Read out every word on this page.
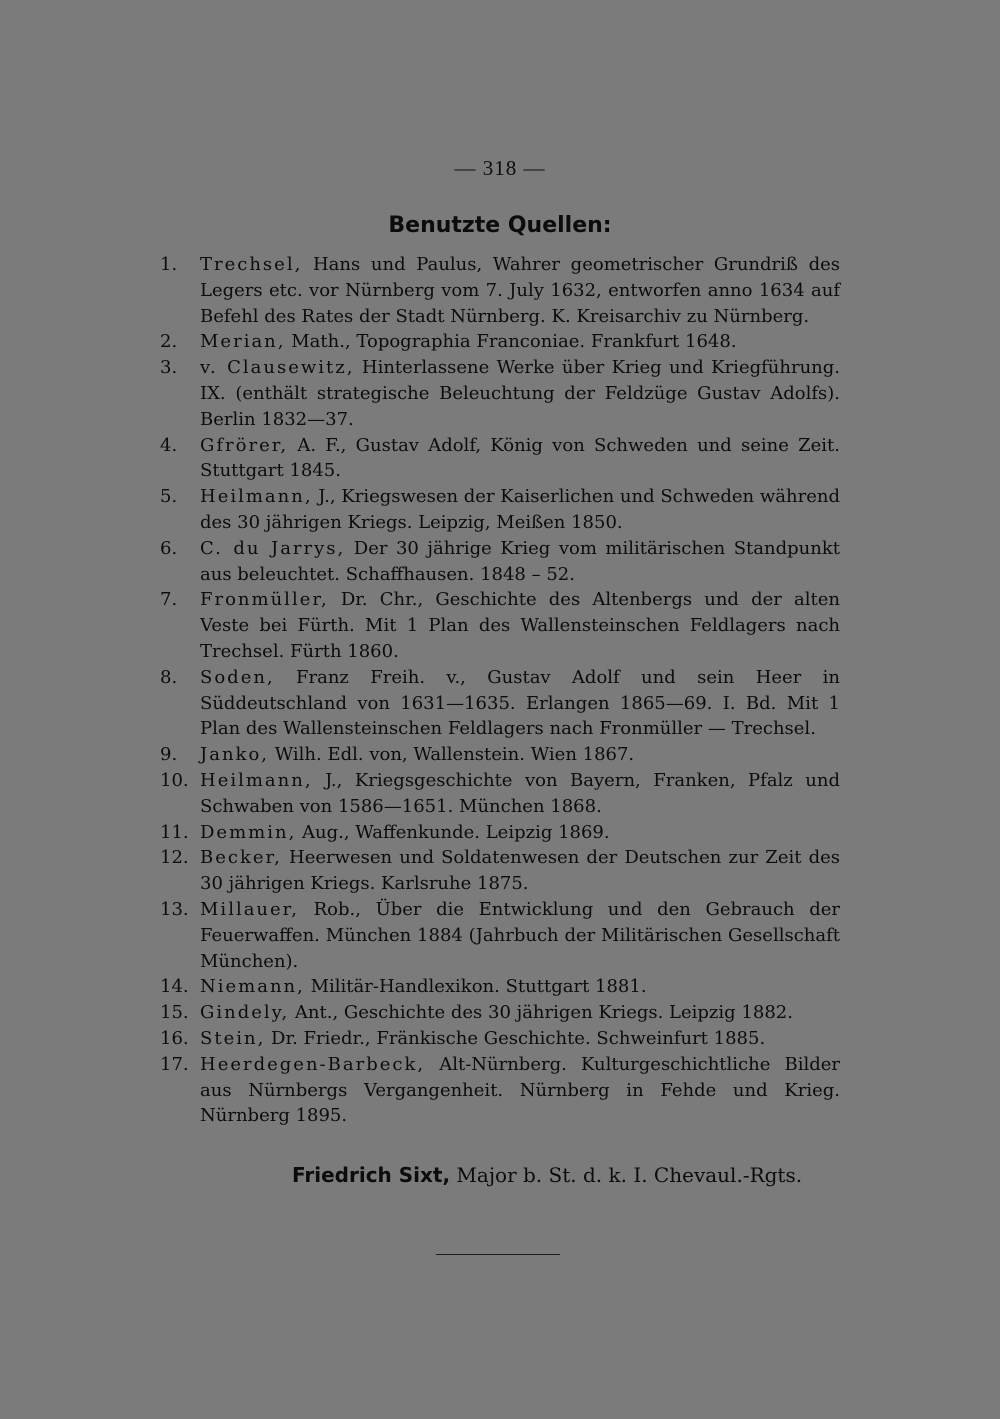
— 318 —
Benutzte Quellen:
1.	Trechsel, Hans und Paulus, Wahrer geometrischer Grundriß des Legers etc. vor Nürnberg vom 7. July 1632, entworfen anno 1634 auf Befehl des Rates der Stadt Nürnberg. K. Kreisarchiv zu Nürnberg.
2.	Merian, Math., Topographia Franconiae. Frankfurt 1648.
3.	v. Clausewitz, Hinterlassene Werke über Krieg und Kriegführung. IX. (enthält strategische Beleuchtung der Feldzüge Gustav Adolfs). Berlin 1832—37.
4.	Gfrörer, A. F., Gustav Adolf, König von Schweden und seine Zeit. Stuttgart 1845.
5.	Heilmann, J., Kriegswesen der Kaiserlichen und Schweden während des 30 jährigen Kriegs. Leipzig, Meißen 1850.
6.	C. du Jarrys, Der 30 jährige Krieg vom militärischen Standpunkt aus beleuchtet. Schaffhausen. 1848 – 52.
7.	Fronmüller, Dr. Chr., Geschichte des Altenbergs und der alten Veste bei Fürth. Mit 1 Plan des Wallensteinschen Feldlagers nach Trechsel. Fürth 1860.
8.	Soden, Franz Freih. v., Gustav Adolf und sein Heer in Süddeutschland von 1631—1635. Erlangen 1865—69. I. Bd. Mit 1 Plan des Wallensteinschen Feldlagers nach Fronmüller — Trechsel.
9.	Janko, Wilh. Edl. von, Wallenstein. Wien 1867.
10. Heilmann, J., Kriegsgeschichte von Bayern, Franken, Pfalz und Schwaben von 1586—1651. München 1868.
11. Demmin, Aug., Waffenkunde. Leipzig 1869.
12. Becker, Heerwesen und Soldatenwesen der Deutschen zur Zeit des 30 jährigen Kriegs. Karlsruhe 1875.
13. Millauer, Rob., Über die Entwicklung und den Gebrauch der Feuerwaffen. München 1884 (Jahrbuch der Militärischen Gesellschaft München).
14. Niemann, Militär-Handlexikon. Stuttgart 1881.
15. Gindely, Ant., Geschichte des 30 jährigen Kriegs. Leipzig 1882.
16. Stein, Dr. Friedr., Fränkische Geschichte. Schweinfurt 1885.
17. Heerdegen-Barbeck, Alt-Nürnberg. Kulturgeschichtliche Bilder aus Nürnbergs Vergangenheit. Nürnberg in Fehde und Krieg. Nürnberg 1895.
Friedrich Sixt, Major b. St. d. k. I. Chevaul.-Rgts.
